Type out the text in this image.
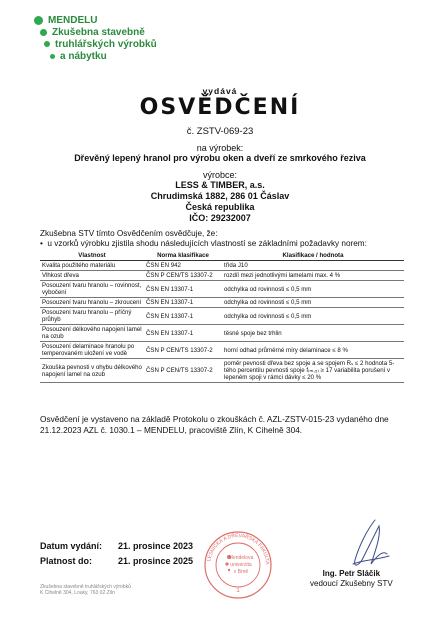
MENDELU
Zkušebna stavebně
truhlářských výrobků
a nábytku
vydává
OSVĚDČENÍ
č. ZSTV-069-23
na výrobek:
Dřevěný lepený hranol pro výrobu oken a dveří ze smrkového řeziva
výrobce:
LESS & TIMBER, a.s.
Chrudimská 1882, 286 01 Čáslav
Česká republika
IČO: 29232007
Zkušebna STV tímto Osvědčením osvědčuje, že:
•  u vzorků výrobku zjistila shodu následujících vlastností se základními požadavky norem:
Vlastnost	Norma klasifikace	Klasifikace / hodnota
Kvalita použitého materiálu	ČSN EN 942	třída J10
Vlhkost dřeva	ČSN P CEN/TS 13307-2	rozdíl mezi jednotlivými lamelami max. 4 %
Posouzení tvaru hranolu – rovinnost, vybočení	ČSN EN 13307-1	odchylka od rovinnosti ≤ 0,5 mm
Posouzení tvaru hranolu – zkroucení	ČSN EN 13307-1	odchylka od rovinnosti ≤ 0,5 mm
Posouzení tvaru hranolu – příčný průhyb	ČSN EN 13307-1	odchylka od rovinnosti ≤ 0,5 mm
Posouzení délkového napojení lamel na ozub	ČSN EN 13307-1	těsné spoje bez trhlin
Posouzení delaminace hranolu po temperovaném uložení ve vodě	ČSN P CEN/TS 13307-2	horní odhad průměrné míry delaminace ≤ 8 %
Zkouška pevnosti v ohybu délkového napojení lamel na ozub	ČSN P CEN/TS 13307-2	poměr pevnosti dřeva bez spoje a se spojem Rₛ ≤ 2 hodnota 5-tého percentilu pevnosti spoje f₍ₘ,₅₎ ≥ 17 variabilita porušení v lepeném spoji v rámci dávky ≤ 20 %
Osvědčení je vystaveno na základě Protokolu o zkouškách č. AZL-ZSTV-015-23 vydaného dne 21.12.2023 AZL č. 1030.1 – MENDELU, pracoviště Zlín, K Cihelně 304.
Datum vydání: 21. prosince 2023
Platnost do:	21. prosince 2025	LESNICKÁ A DŘEVAŘSKÁ FAKULTA
Mendelova
univerzita
v Brně
1
Ing. Petr Sláčik
vedoucí Zkušebny STV
Zkušebna stavebně truhlářských výrobků
K Cihelně 304, Louky, 763 02 Zlín
